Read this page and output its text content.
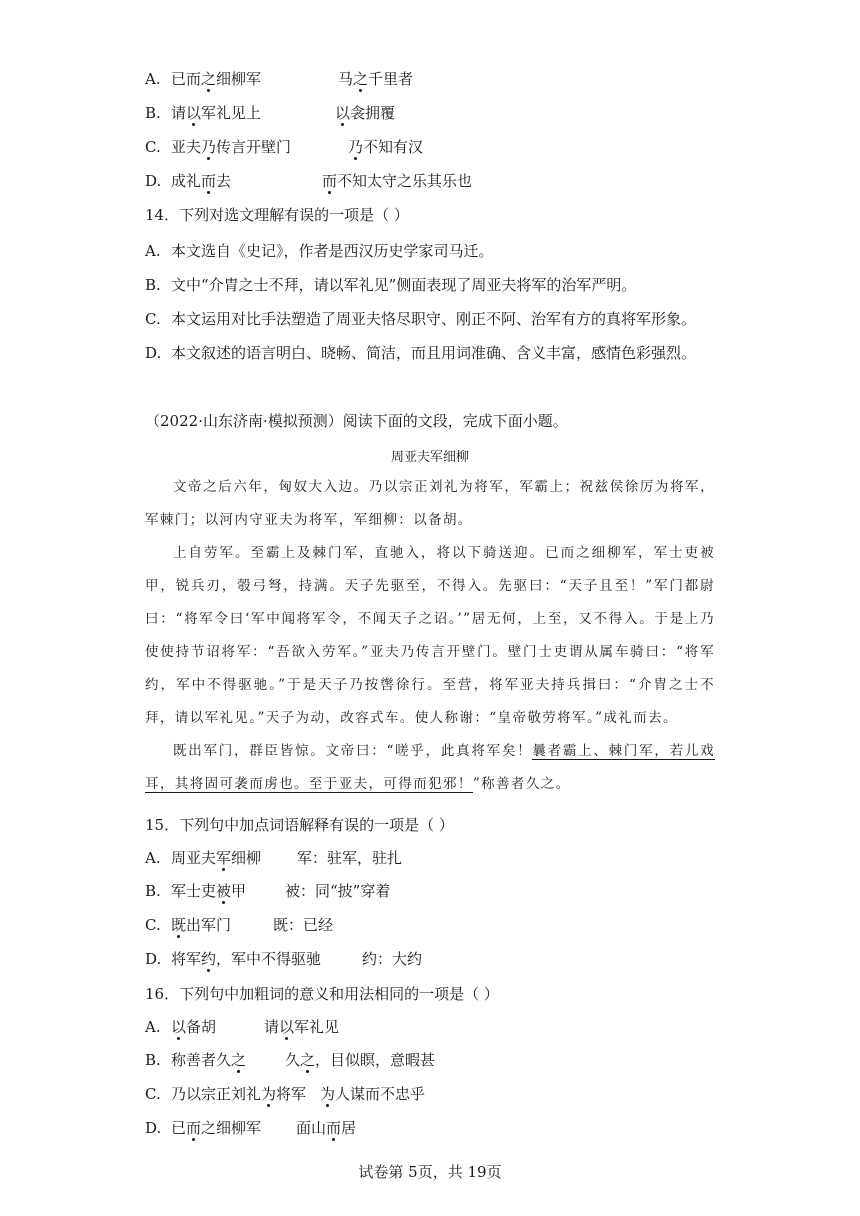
A. 已而之细柳军	马之千里者
B. 请以军礼见上	以衾拥覆
C. 亚夫乃传言开壁门	乃不知有汉
D. 成礼而去	而不知太守之乐其乐也
14．下列对选文理解有误的一项是（ ）
A. 本文选自《史记》，作者是西汉历史学家司马迁。
B. 文中“介胄之士不拜，请以军礼见”侧面表现了周亚夫将军的治军严明。
C. 本文运用对比手法塑造了周亚夫恪尽职守、刚正不阿、治军有方的真将军形象。
D. 本文叙述的语言明白、晓畅、简洁，而且用词准确、含义丰富，感情色彩强烈。
（2022·山东济南·模拟预测）阅读下面的文段，完成下面小题。
周亚夫军细柳

文帝之后六年，匈奴大入边。乃以宗正刘礼为将军，军霸上；祝兹侯徐厉为将军，军棘门；以河内守亚夫为将军，军细柳：以备胡。

上自劳军。至霸上及棘门军，直驰入，将以下骑送迎。已而之细柳军，军士吏被甲，锐兵刃，彀弓弩，持满。天子先驱至，不得入。先驱曰：“天子且至！”军门都尉曰：“将军令曰‘军中闻将军令，不闻天子之诏。’”居无何，上至，又不得入。于是上乃使使持节诏将军：“吾欲入劳军。”亚夫乃传言开壁门。壁门士吏谓从属车骑曰：“将军约，军中不得驱驰。”于是天子乃按辔徐行。至营，将军亚夫持兵揖曰：“介胄之士不拜，请以军礼见。”天子为动，改容式车。使人称谢：“皇帝敬劳将军。”成礼而去。

既出军门，群臣皆惊。文帝曰：“嗟乎，此真将军矣！曩者霸上、棘门军，若儿戏耳，其将固可袭而虏也。至于亚夫，可得而犯邪！”称善者久之。

15．下列句中加点词语解释有误的一项是（ ）
A. 周亚夫军细柳 军：驻军，驻扎
B. 军士吏被甲	被：同“披”穿着
C. 既出军门	既：已经
D. 将军约，军中不得驱驰	约：大约
16．下列句中加粗词的意义和用法相同的一项是（ ）
A. 以备胡	请以军礼见
B. 称善者久之	久之，目似瞑，意暇甚
C. 乃以宗正刘礼为将军 为人谋而不忠乎
D. 已而之细柳军 面山而居
试卷第 5页，共 19页
